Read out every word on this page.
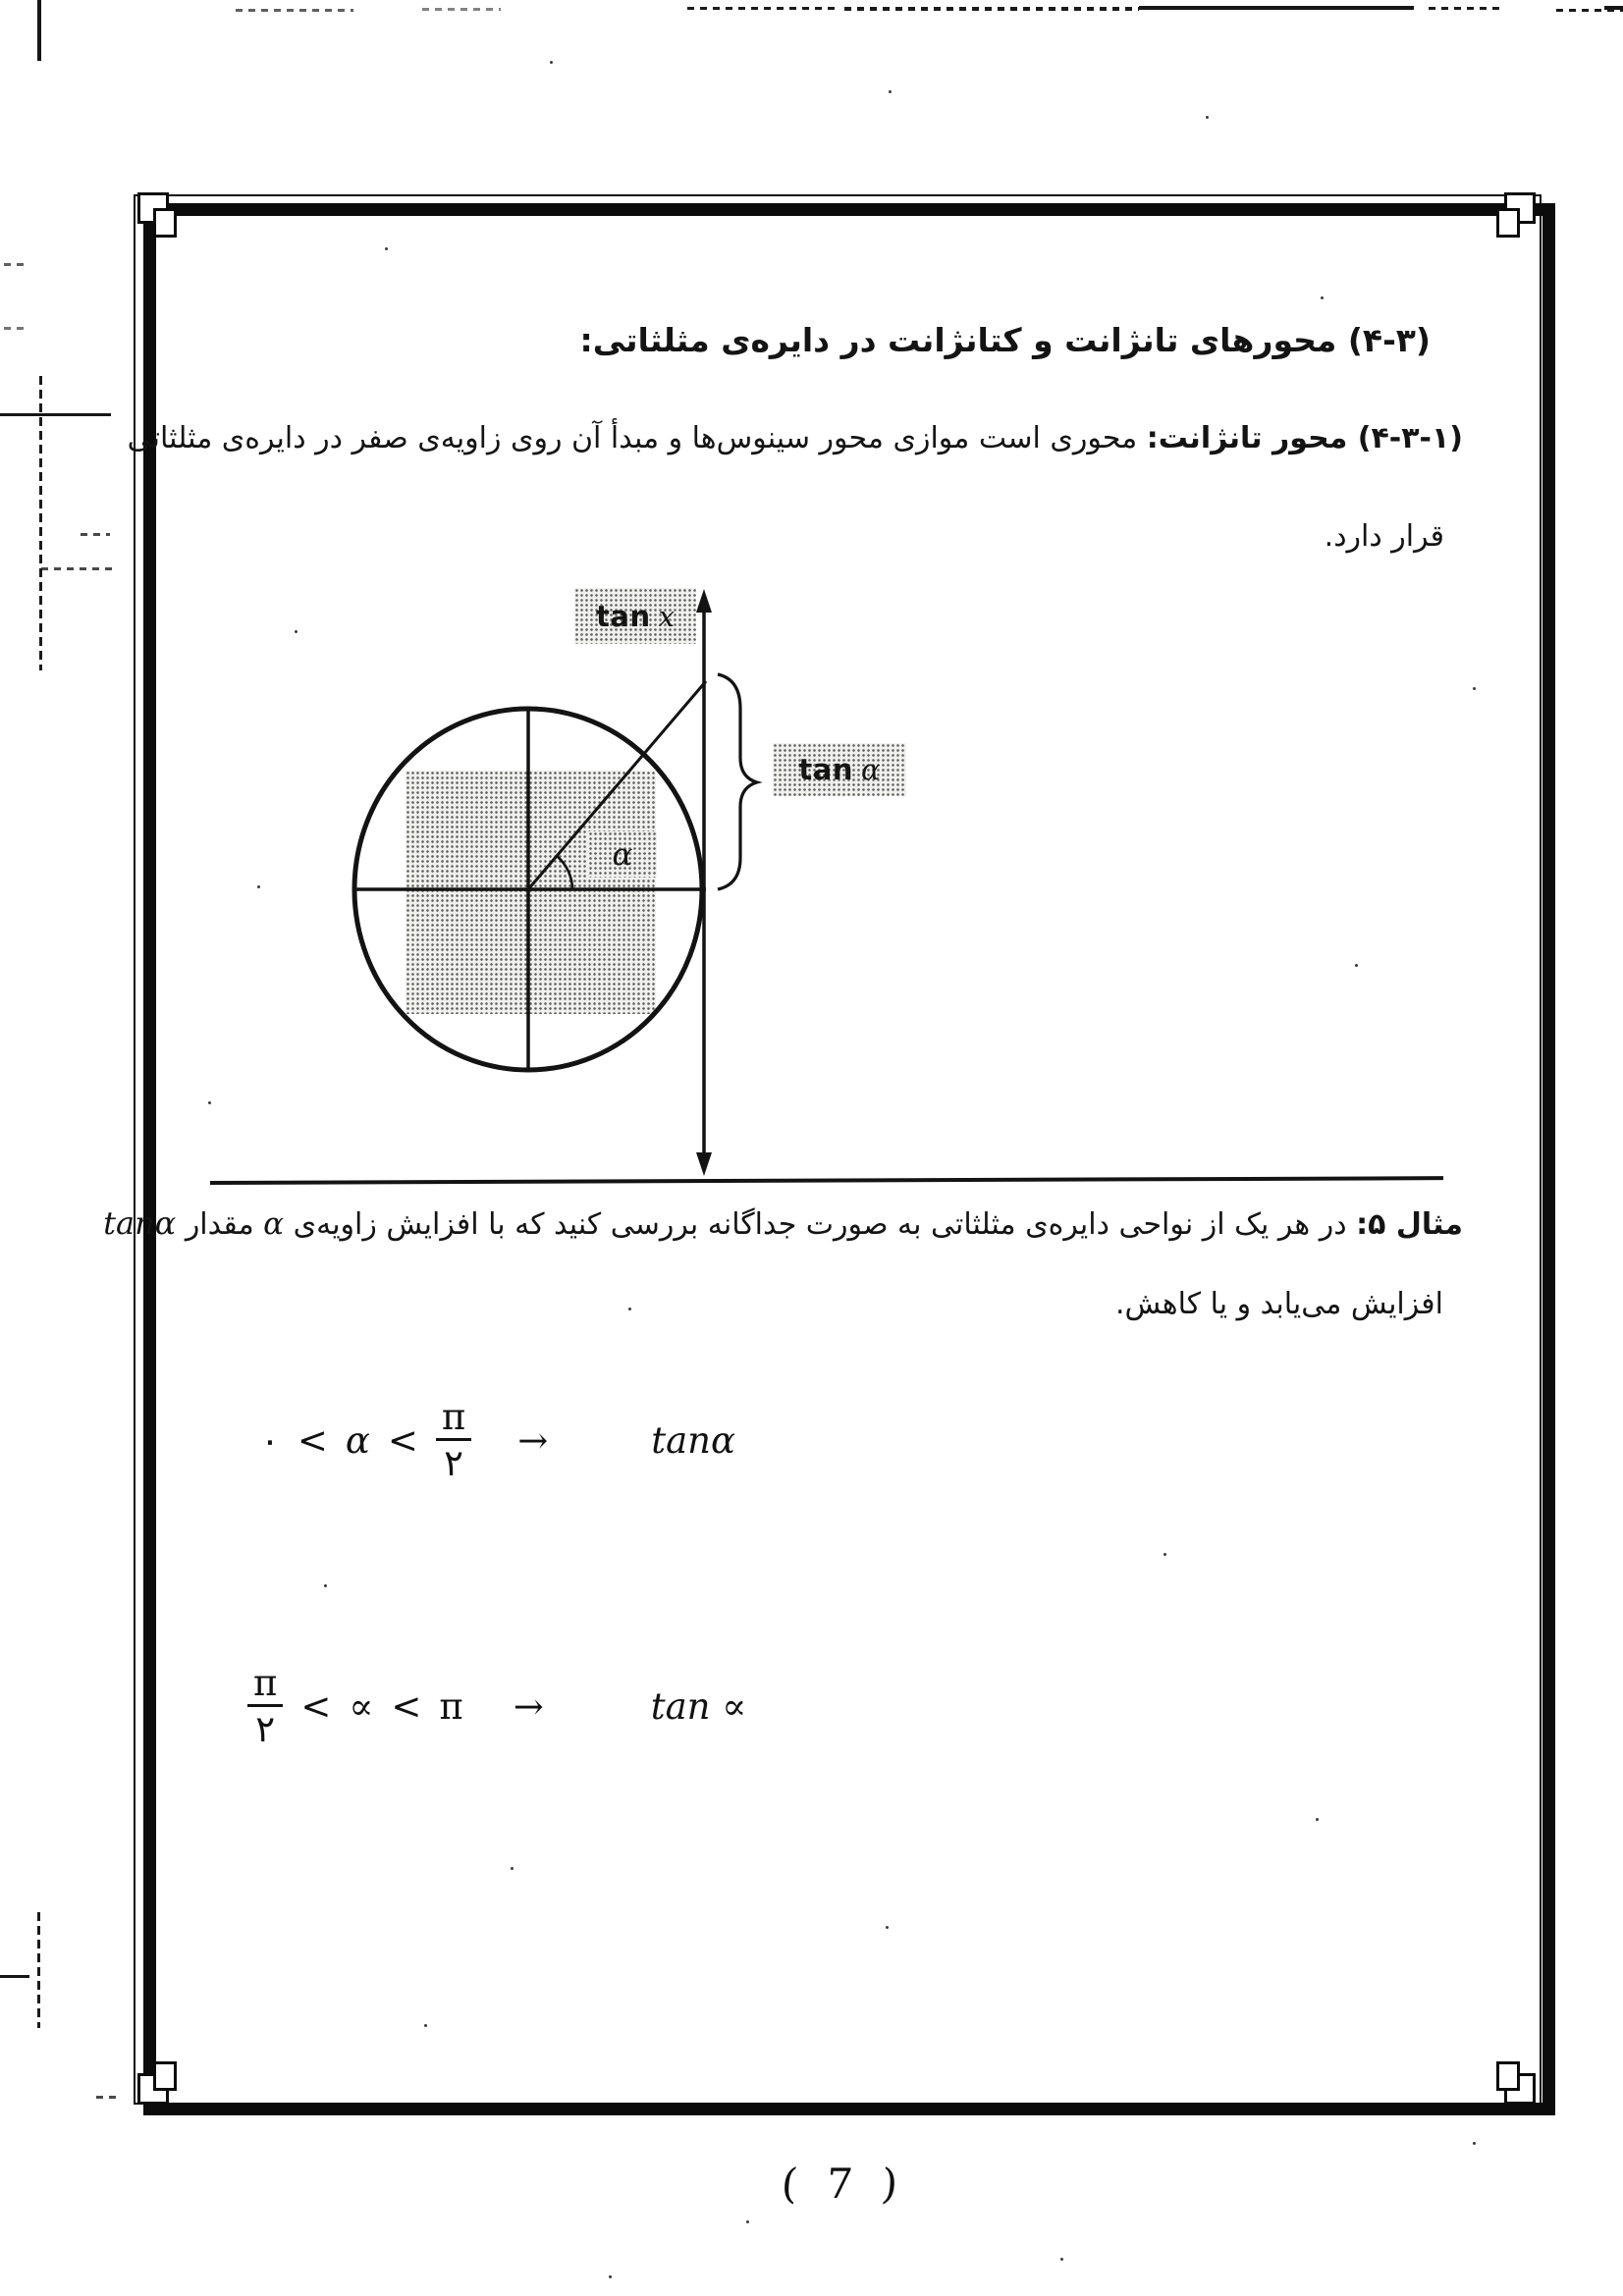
(۴-۳) محورهای تانژانت و کتانژانت در دایره‌ی مثلثاتی:
(۴-۳-۱) محور تانژانت: محوری است موازی محور سینوس‌ها و مبدأ آن روی زاویه‌ی صفر در دایره‌ی مثلثاتی
قرار دارد.
tan x
tan α
α
مثال ۵: در هر یک از نواحی دایره‌ی مثلثاتی به صورت جداگانه بررسی کنید که با افزایش زاویه‌ی α مقدار tanα
افزایش می‌یابد و یا کاهش.
٠ < $\alpha < \frac{\pi}{۲}$ →	tanα
$\frac{\pi}{۲}$ < ∝ < π →	tan ∝
( 7 )
